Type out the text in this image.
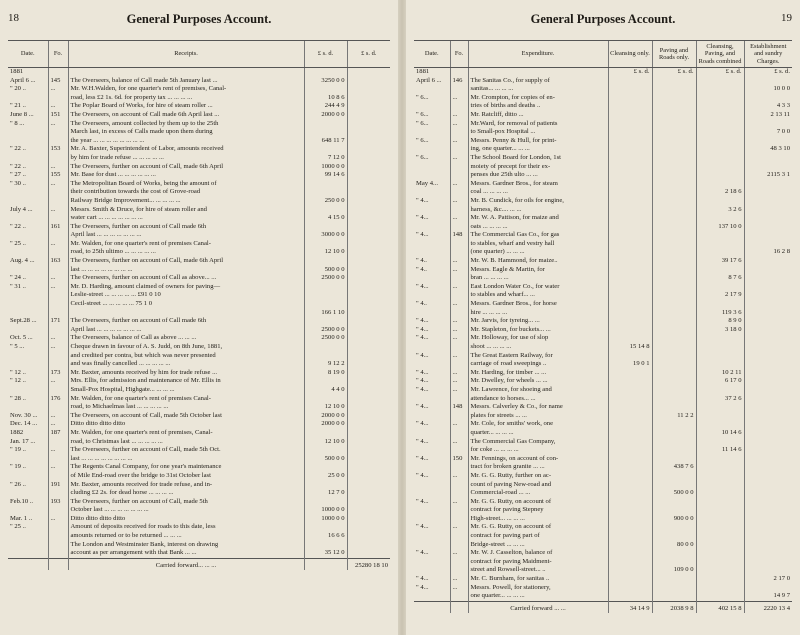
18	General Purposes Account.
Date.	Fo.	Receipts.	£ s. d.	£ s. d.
1881				
April 6 ...	145	The Overseers, balance of Call made 5th January last ...	3250 0 0	
" 20 ..	...	Mr. W.H.Walden, for one quarter's rent of premises, Canal-		
		road, less £2 1s. 6d. for property tax ... ... ... ...	10 8 6	
" 21 ..	...	The Poplar Board of Works, for hire of steam roller ...	244 4 9	
June 8 ...	151	The Overseers, on account of Call made 6th April last ...	2000 0 0	
" 8 ...	...	The Overseers, amount collected by them up to the 25th		
		March last, in excess of Calls made upon them during		
		the year ... ... ... ... ... ... ... ...	648 11 7	
" 22 ..	153	Mr. A. Baxter, Superintendent of Labor, amounts received		
		by him for trade refuse ... ... ... ... ...	7 12 0	
" 22 ..	...	The Overseers, further on account of Call, made 6th April	1000 0 0	
" 27 ..	155	Mr. Base for dust ... ... ... ... ... ...	99 14 6	
" 30 ..	...	The Metropolitan Board of Works, being the amount of		
		their contribution towards the cost of Grove-road		
		Railway Bridge Improvement... ... ... ... ...	250 0 0	
July 4 ...	...	Messrs. Smith & Druce, for hire of steam roller and		
		water cart ... ... ... ... ... ... ...	4 15 0	
" 22 ..	161	The Overseers, further on account of Call made 6th		
		April last ... ... ... ... ... ... ...	3000 0 0	
" 25 ..	...	Mr. Walden, for one quarter's rent of premises Canal-		
		road, to 25th ultimo ... ... ... ... ...	12 10 0	
Aug. 4 ...	163	The Overseers, further on account of Call, made 6th April		
		last ... ... ... ... ... ... ... ...	500 0 0	
" 24 ..	...	The Overseers, further on account of Call as above... ...	2500 0 0	
" 31 ..	...	Mr. D. Harding, amount claimed of owners for paving—		
		Leslie-street ... ... ... ... ... £91 0 10		
		Cecil-street ... ... ... ... ... 75 1 0		
			166 1 10	
Sept.28 ...	171	The Overseers, further on account of Call made 6th		
		April last ... ... ... ... ... ... ...	2500 0 0	
Oct. 5 ...	...	The Overseers, balance of Call as above ... ... ...	2500 0 0	
" 5 ...	...	Cheque drawn in favour of A. S. Judd, on 8th June, 1881,		
		and credited per contra, but which was never presented		
		and was finally cancelled ... ... ... ... ...	9 12 2	
" 12 ..	173	Mr. Baxter, amounts received by him for trade refuse ...	8 19 0	
" 12 ..	...	Mrs. Ellis, for admission and maintenance of Mr. Ellis in		
		Small-Pox Hospital, Highgate... ... ... ...	4 4 0	
" 28 ..	176	Mr. Walden, for one quarter's rent of premises Canal-		
		road, to Michaelmas last ... ... ... ... ...	12 10 0	
Nov. 30 ...	...	The Overseers, on account of Call, made 5th October last	2000 0 0	
Dec. 14 ...	...	Ditto ditto ditto ditto	2000 0 0	
1882	187	Mr. Walden, for one quarter's rent of premises, Canal-		
Jan. 17 ...		road, to Christmas last ... ... ... ... ...	12 10 0	
" 19 ..	...	The Overseers, further on account of Call, made 5th Oct.		
		last ... ... ... ... ... ... ... ...	500 0 0	
" 19 ..	...	The Regents Canal Company, for one year's maintenance		
		of Mile End-road over the bridge to 31st October last	25 0 0	
" 26 ..	191	Mr. Baxter, amounts received for trade refuse, and in-		
		cluding £2 2s. for dead horse ... ... ... ...	12 7 0	
Feb.10 ..	193	The Overseers, further on account of Call, made 5th		
		October last ... ... ... ... ... ... ...	1000 0 0	
Mar. 1 ..	...	Ditto ditto ditto ditto	1000 0 0	
" 25 ..		Amount of deposits received for roads to this date, less		
		amounts returned or to be returned ... ... ...	16 6 6	
		The London and Westminster Bank, interest on drawing		
		account as per arrangement with that Bank ... ...	35 12 0	
		Carried forward... ... ...		25280 18 10
General Purposes Account.	19
Date.	Fo.	Expenditure.	Cleansing only.	Paving and Roads only.	Cleansing, Paving, and Roads combined	Establishment and sundry Charges.
1881			£ s. d.	£ s. d.	£ s. d.	£ s. d.
April 6 ...	146	The Sanitas Co., for supply of				
		sanitas... ... ... ...				10 0 0
" 6...	...	Mr. Crompton, for copies of en-				
		tries of births and deaths ..				4 3 3
" 6...	...	Mr. Ratcliff, ditto ...				2 13 11
" 6...	...	Mr.Ward, for removal of patients				
		to Small-pox Hospital ...				7 0 0
" 6...	...	Messrs. Penny & Hull, for print-				
		ing, one quarter... ... ...				48 3 10
" 6...	...	The School Board for London, 1st				
		moiety of precept for their ex-				
		penses due 25th ulto ... ...				2115 3 1
May 4...	...	Messrs. Gardner Bros., for steam				
		coal ... ... ... ...			2 18 6	
" 4...	...	Mr. B. Cundick, for oils for engine,				
		harness, &c.... ... ...			3 2 6	
" 4...	...	Mr. W. A. Pattison, for maize and				
		oats ... ... ... ...			137 10 0	
" 4...	148	The Commercial Gas Co., for gas				
		to stables, wharf and vestry hall				
		(one quarter) ... ... ...				16 2 8
" 4..	...	Mr. W. B. Hammond, for maize..			39 17 6	
" 4..	...	Messrs. Eagle & Martin, for				
		bran ... ... ... ...			8 7 6	
" 4...	...	East London Water Co., for water				
		to stables and wharf... ...			2 17 9	
" 4..	...	Messrs. Gardner Bros., for horse				
		hire ... ... ... ...			119 3 6	
" 4...	...	Mr. Jarvis, for tyreing... ...			8 9 0	
" 4...	...	Mr. Stapleton, for buckets... ...			3 18 0	
" 4...	...	Mr. Holloway, for use of slop				
		shoot ... ... ... ...	15 14 8			
" 4...	...	The Great Eastern Railway, for				
		carriage of road sweepings ..	19 0 1			
" 4...	...	Mr. Harding, for timber ... ...			10 2 11	
" 4...	...	Mr. Dwelley, for wheels ... ...			6 17 0	
" 4...	...	Mr. Lawrence, for shoeing and				
		attendance to horses... ...			37 2 6	
" 4...	148	Messrs. Calverley & Co., for name				
		plates for streets ... ...		11 2 2		
" 4...	...	Mr. Cole, for smiths' work, one				
		quarter... ... ... ...			10 14 6	
" 4...	...	The Commercial Gas Company,				
		for coke ... ... ... ...			11 14 6	
" 4...	150	Mr. Fennings, on account of con-				
		tract for broken granite ... ...		438 7 6		
" 4...	...	Mr. G. G. Rutty, further on ac-				
		count of paving New-road and				
		Commercial-road ... ...		500 0 0		
" 4...	...	Mr. G. G. Rutty, on account of				
		contract for paving Stepney				
		High-street... ... ... ...		900 0 0		
" 4...	...	Mr. G. G. Rutty, on account of				
		contract for paving part of				
		Bridge-street ... ... ...		80 0 0		
" 4...	...	Mr. W. J. Casselton, balance of				
		contract for paving Maidment-				
		street and Rowsell-street... ..		109 0 0		
" 4...	...	Mr. C. Burnham, for sanitas ..				2 17 0
" 4...	...	Messrs. Powell, for stationery,				
		one quarter... ... ... ...				14 9 7
		Carried forward ... ...	34 14 9	2038 9 8	402 15 8	2220 13 4
